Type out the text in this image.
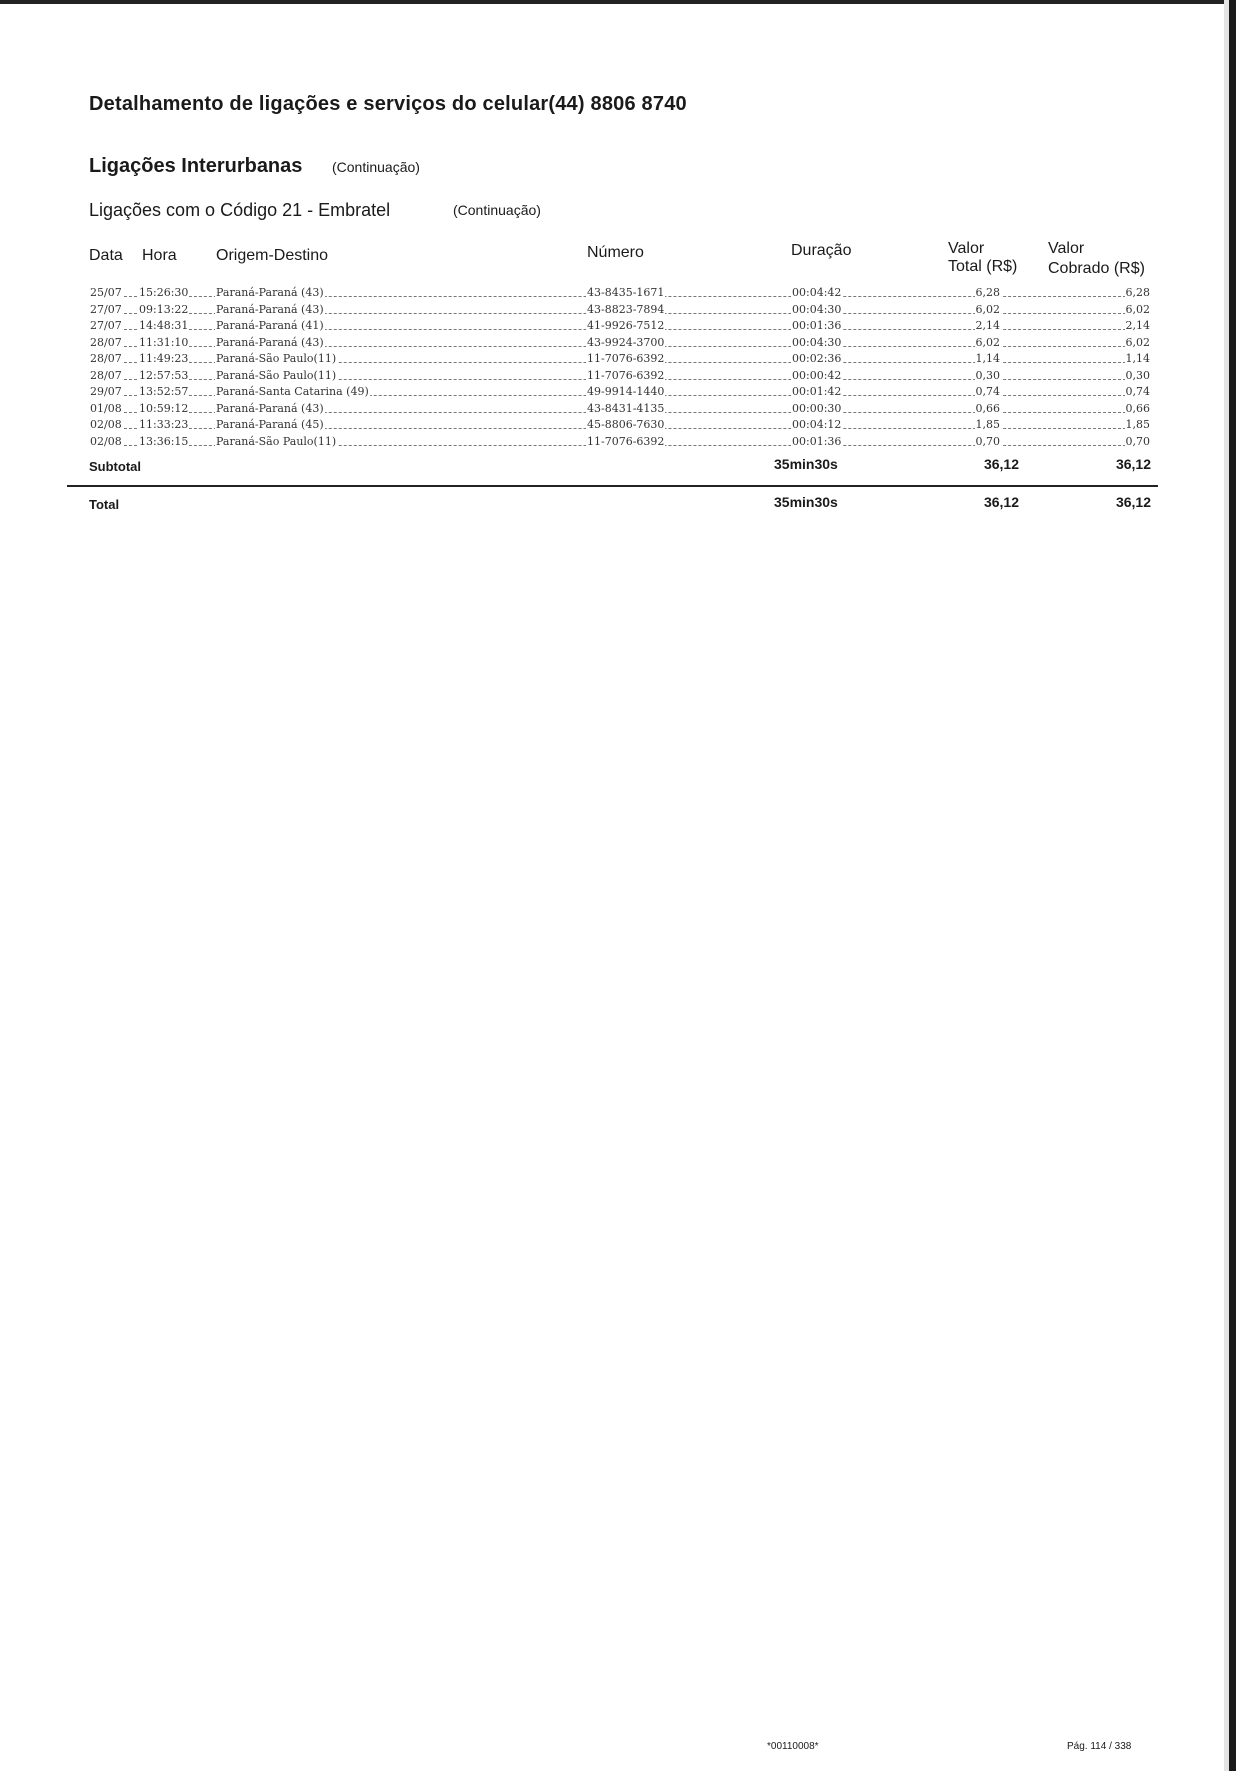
Detalhamento de ligações e serviços do celular(44) 8806 8740
Ligações Interurbanas (Continuação)
Ligações com o Código 21 - Embratel	(Continuação)
Data Hora Origem-Destino	Número	Duração	Valor
Total (R$)
Valor
Cobrado (R$)
25/07 15:26:30	Paraná-Paraná (43)	43-8435-1671	00:04:42	6,28	6,28
27/07 09:13:22	Paraná-Paraná (43)	43-8823-7894	00:04:30	6,02	6,02
27/07 14:48:31	Paraná-Paraná (41)	41-9926-7512	00:01:36	2,14	2,14
28/07 11:31:10	Paraná-Paraná (43)	43-9924-3700	00:04:30	6,02	6,02
28/07 11:49:23	Paraná-São Paulo(11)	11-7076-6392	00:02:36	1,14	1,14
28/07 12:57:53	Paraná-São Paulo(11)	11-7076-6392	00:00:42	0,30	0,30
29/07 13:52:57	Paraná-Santa Catarina (49)	49-9914-1440	00:01:42	0,74	0,74
01/08 10:59:12	Paraná-Paraná (43)	43-8431-4135	00:00:30	0,66	0,66
02/08 11:33:23	Paraná-Paraná (45)	45-8806-7630	00:04:12	1,85	1,85
02/08 13:36:15	Paraná-São Paulo(11)	11-7076-6392	00:01:36	0,70	0,70
Subtotal	35min30s	36,12	36,12
Total	35min30s	36,12	36,12
*00110008*	Pág. 114 / 338
